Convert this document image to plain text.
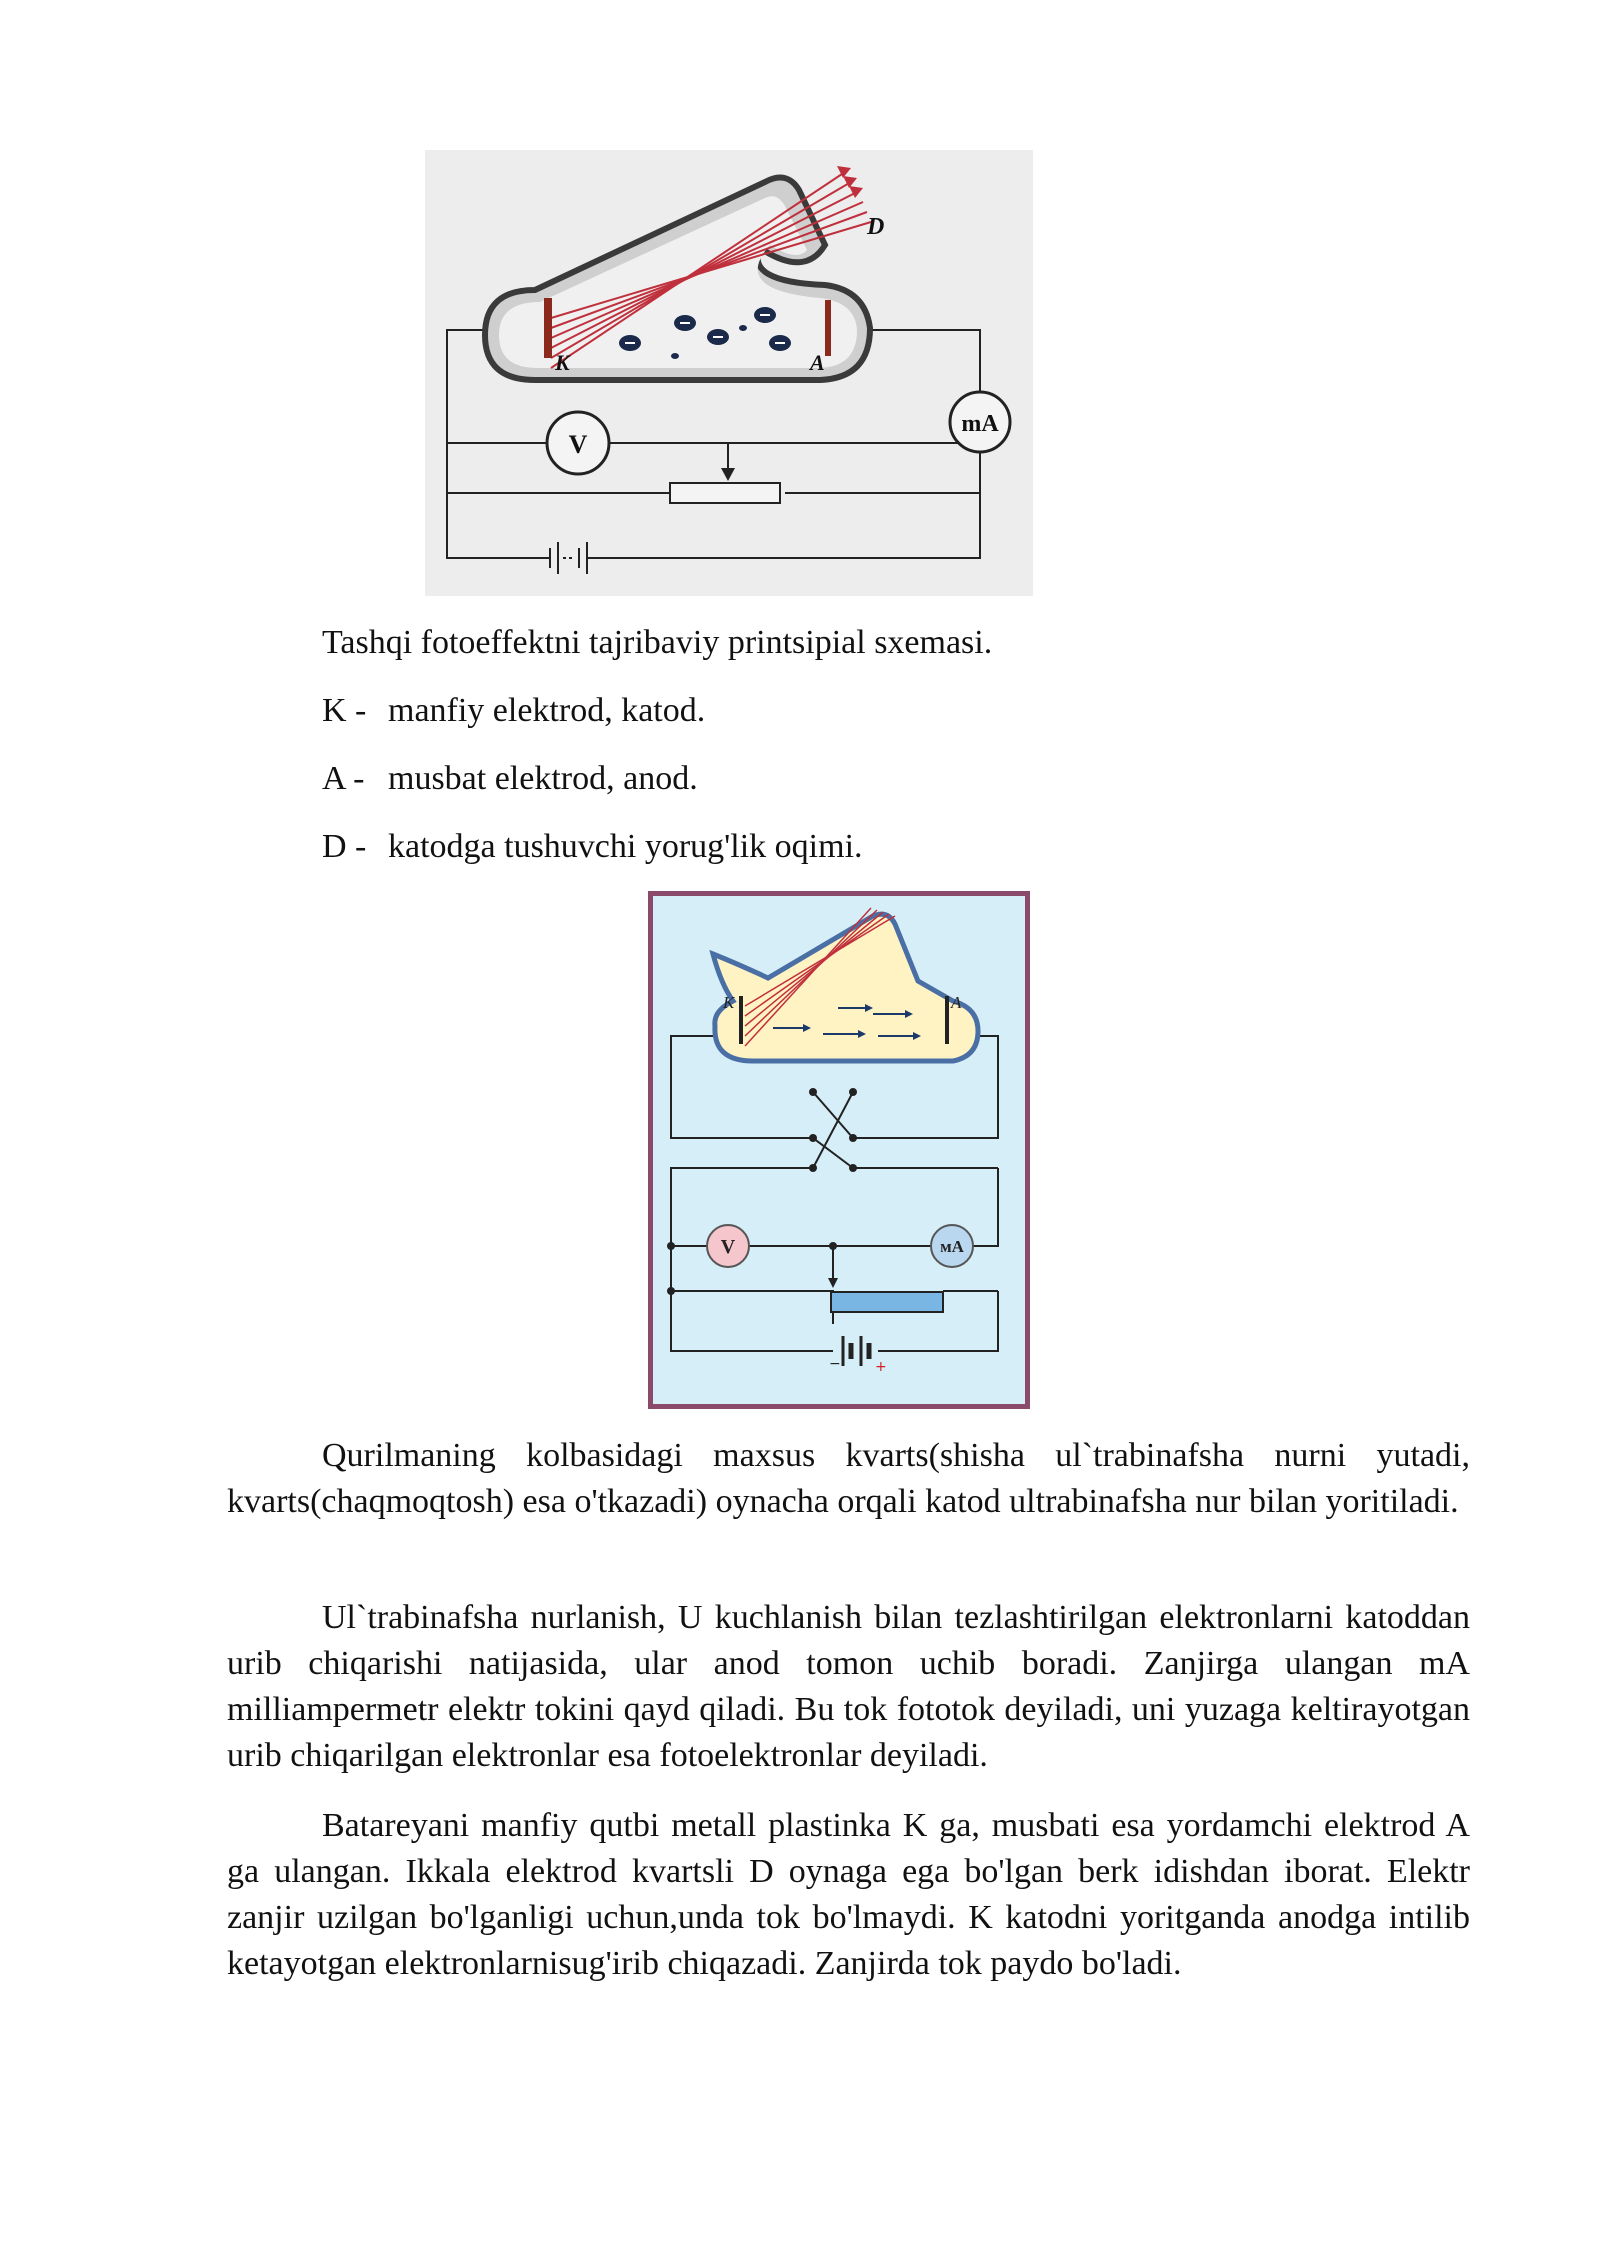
V
mA
D
K	A
Tashqi fotoeffektni tajribaviy printsipial sxemasi.
K - manfiy elektrod, katod.
A - musbat elektrod, anod.
D - katodga tushuvchi yorug'lik oqimi.
− +
V	мA
K	A

Qurilmaning kolbasidagi maxsus kvarts(shisha ul`trabinafsha nurni yutadi, kvarts(chaqmoqtosh) esa o'tkazadi) oynacha orqali katod ultrabinafsha nur bilan yoritiladi.

Ul`trabinafsha nurlanish, U kuchlanish bilan tezlashtirilgan elektronlarni katoddan urib chiqarishi natijasida, ular anod tomon uchib boradi. Zanjirga ulangan mA milliampermetr elektr tokini qayd qiladi. Bu tok fototok deyiladi, uni yuzaga keltirayotgan urib chiqarilgan elektronlar esa fotoelektronlar deyiladi.

Batareyani manfiy qutbi metall plastinka K ga, musbati esa yordamchi elektrod A ga ulangan. Ikkala elektrod kvartsli D oynaga ega bo'lgan berk idishdan iborat. Elektr zanjir uzilgan bo'lganligi uchun,unda tok bo'lmaydi. K katodni yoritganda anodga intilib ketayotgan elektronlarnisug'irib chiqazadi. Zanjirda tok paydo bo'ladi.
